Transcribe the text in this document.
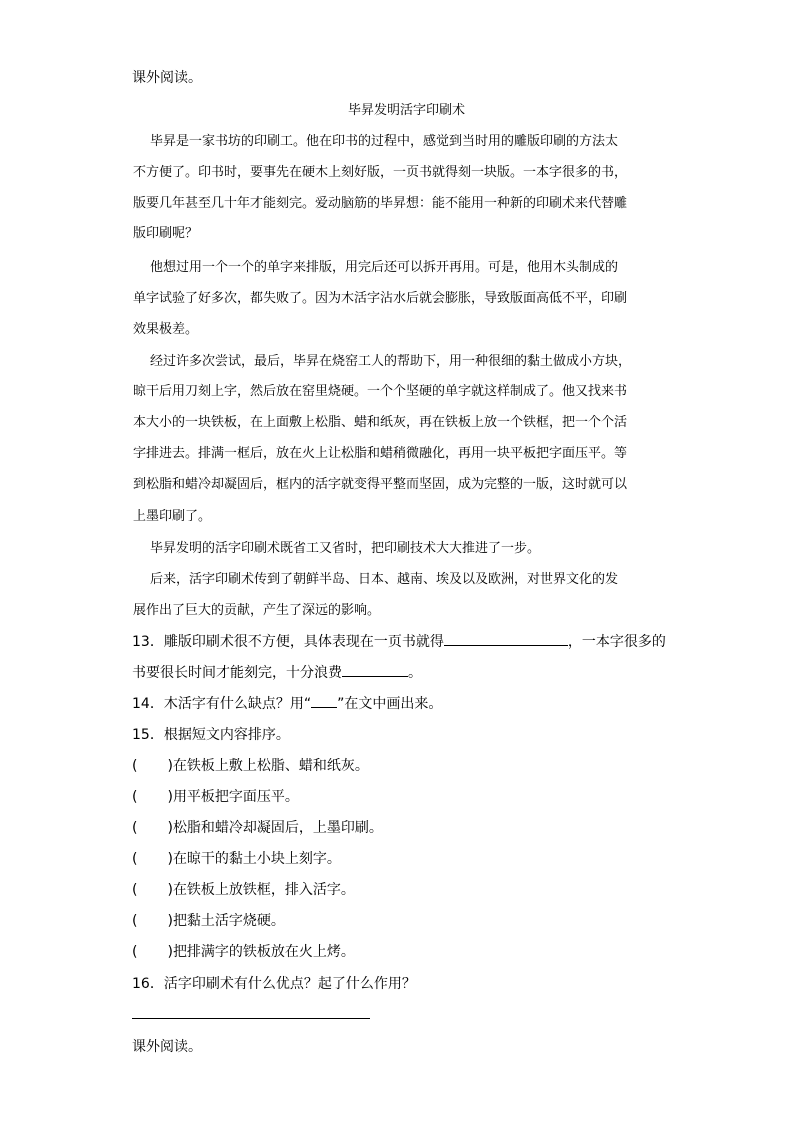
课外阅读。
毕昇发明活字印刷术
毕昇是一家书坊的印刷工。他在印书的过程中，感觉到当时用的雕版印刷的方法太
不方便了。印书时，要事先在硬木上刻好版，一页书就得刻一块版。一本字很多的书，
版要几年甚至几十年才能刻完。爱动脑筋的毕昇想：能不能用一种新的印刷术来代替雕
版印刷呢？
他想过用一个一个的单字来排版，用完后还可以拆开再用。可是，他用木头制成的
单字试验了好多次，都失败了。因为木活字沾水后就会膨胀，导致版面高低不平，印刷
效果极差。
经过许多次尝试，最后，毕昇在烧窑工人的帮助下，用一种很细的黏土做成小方块，
晾干后用刀刻上字，然后放在窑里烧硬。一个个坚硬的单字就这样制成了。他又找来书
本大小的一块铁板，在上面敷上松脂、蜡和纸灰，再在铁板上放一个铁框，把一个个活
字排进去。排满一框后，放在火上让松脂和蜡稍微融化，再用一块平板把字面压平。等
到松脂和蜡冷却凝固后，框内的活字就变得平整而坚固，成为完整的一版，这时就可以
上墨印刷了。
毕昇发明的活字印刷术既省工又省时，把印刷技术大大推进了一步。
后来，活字印刷术传到了朝鲜半岛、日本、越南、埃及以及欧洲，对世界文化的发
展作出了巨大的贡献，产生了深远的影响。
13．雕版印刷术很不方便，具体表现在一页书就得	，一本字很多的
书要很长时间才能刻完，十分浪费	。
14．木活字有什么缺点？用“ ”在文中画出来。
15．根据短文内容排序。
( )在铁板上敷上松脂、蜡和纸灰。
( )用平板把字面压平。
( )松脂和蜡冷却凝固后，上墨印刷。
( )在晾干的黏土小块上刻字。
( )在铁板上放铁框，排入活字。
( )把黏土活字烧硬。
( )把排满字的铁板放在火上烤。
16．活字印刷术有什么优点？起了什么作用？
课外阅读。
